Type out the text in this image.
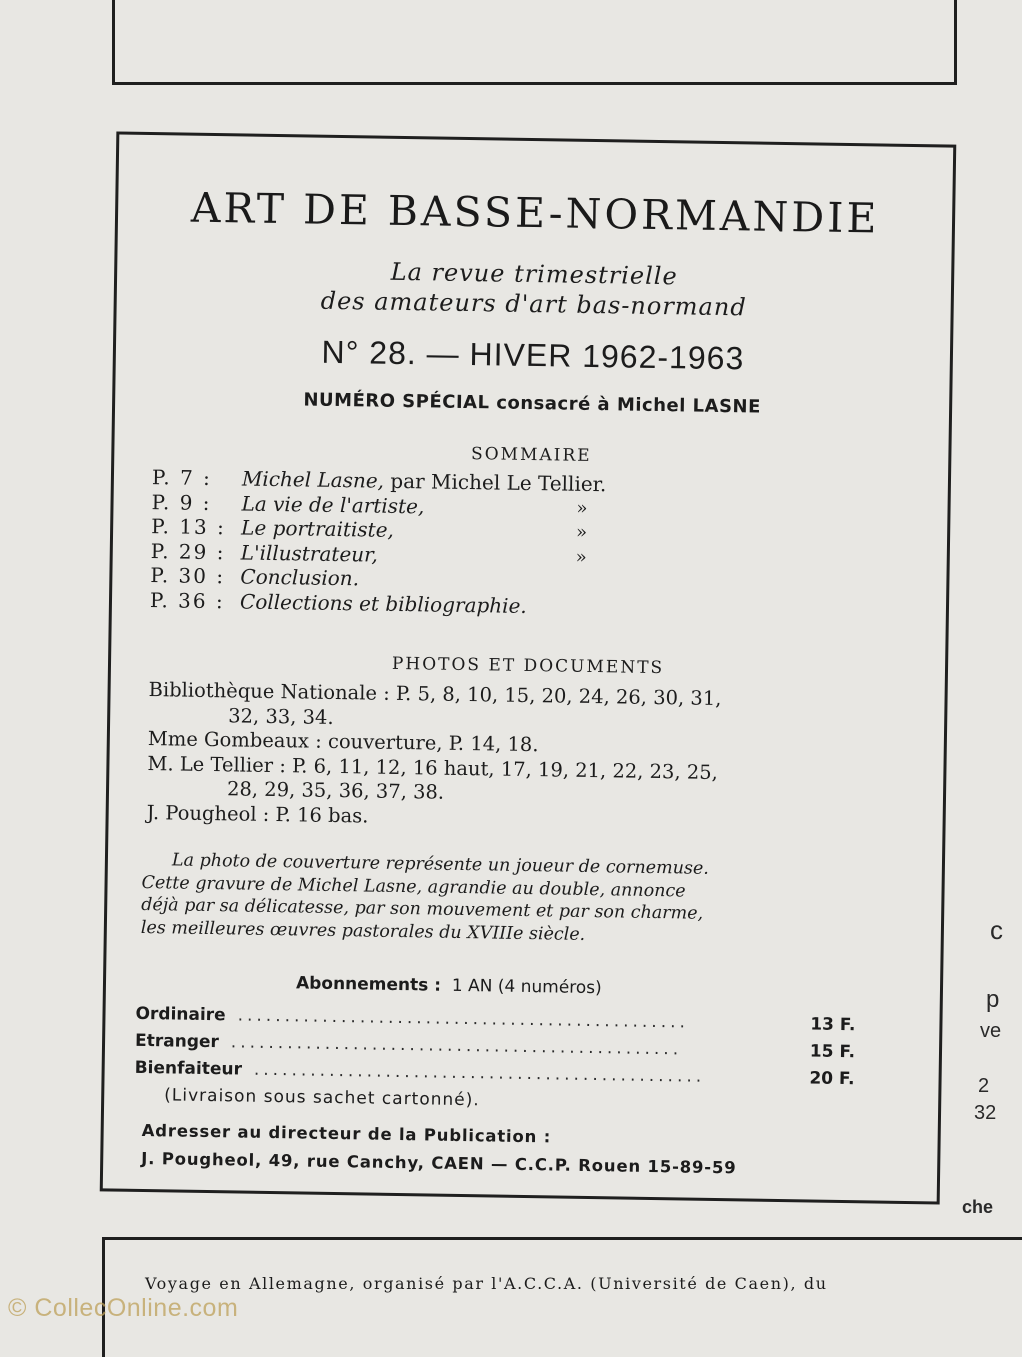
ART DE BASSE-NORMANDIE
La revue trimestrielle
des amateurs d'art bas-normand
N° 28. — HIVER 1962-1963
NUMÉRO SPÉCIAL consacré à Michel LASNE
SOMMAIRE
P. 7 : Michel Lasne, par Michel Le Tellier.
P. 9 : La vie de l'artiste,	»
P. 13 : Le portraitiste,	»
P. 29 : L'illustrateur,	»
P. 30 : Conclusion.
P. 36 : Collections et bibliographie.
PHOTOS ET DOCUMENTS
Bibliothèque Nationale : P. 5, 8, 10, 15, 20, 24, 26, 30, 31,
32, 33, 34.
Mme Gombeaux : couverture, P. 14, 18.
M. Le Tellier : P. 6, 11, 12, 16 haut, 17, 19, 21, 22, 23, 25,
28, 29, 35, 36, 37, 38.
J. Pougheol : P. 16 bas.
La photo de couverture représente un joueur de cornemuse.
Cette gravure de Michel Lasne, agrandie au double, annonce
déjà par sa délicatesse, par son mouvement et par son charme,
les meilleures œuvres pastorales du XVIIIe siècle.
Abonnements : 1 AN (4 numéros)
Ordinaire ................................................	13 F.
Etranger ................................................	15 F.
Bienfaiteur ................................................	20 F.
(Livraison sous sachet cartonné).
Adresser au directeur de la Publication :
J. Pougheol, 49, rue Canchy, CAEN — C.C.P. Rouen 15-89-59
c
p
ve
2
32
che
Voyage en Allemagne, organisé par l'A.C.C.A. (Université de Caen), du
© CollecOnline.com
